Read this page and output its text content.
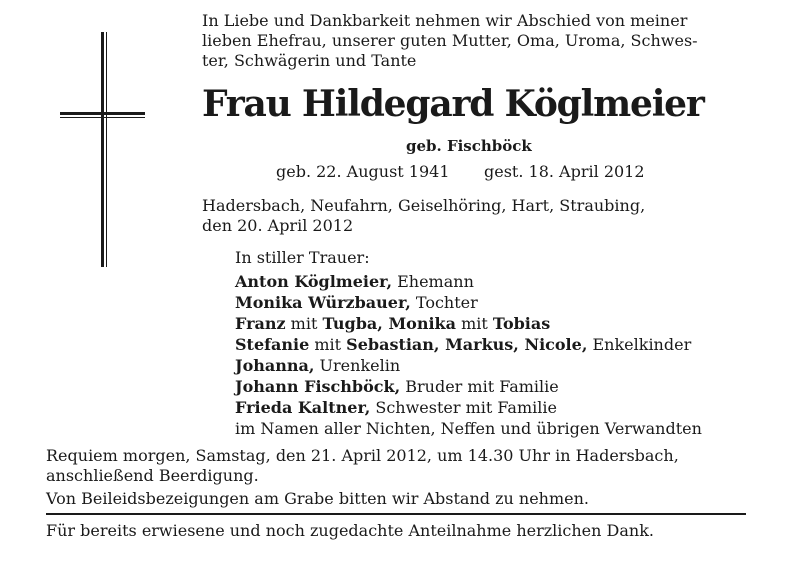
In Liebe und Dankbarkeit nehmen wir Abschied von meiner
lieben Ehefrau, unserer guten Mutter, Oma, Uroma, Schwes-
ter, Schwägerin und Tante
Frau Hildegard Köglmeier
geb. Fischböck
geb. 22. August 1941 gest. 18. April 2012
Hadersbach, Neufahrn, Geiselhöring, Hart, Straubing,
den 20. April 2012
In stiller Trauer:
Anton Köglmeier, Ehemann
Monika Würzbauer, Tochter
Franz mit Tugba, Monika mit Tobias
Stefanie mit Sebastian, Markus, Nicole, Enkelkinder
Johanna, Urenkelin
Johann Fischböck, Bruder mit Familie
Frieda Kaltner, Schwester mit Familie
im Namen aller Nichten, Neffen und übrigen Verwandten
Requiem morgen, Samstag, den 21. April 2012, um 14.30 Uhr in Hadersbach,
anschließend Beerdigung.
Von Beileidsbezeigungen am Grabe bitten wir Abstand zu nehmen.
Für bereits erwiesene und noch zugedachte Anteilnahme herzlichen Dank.
